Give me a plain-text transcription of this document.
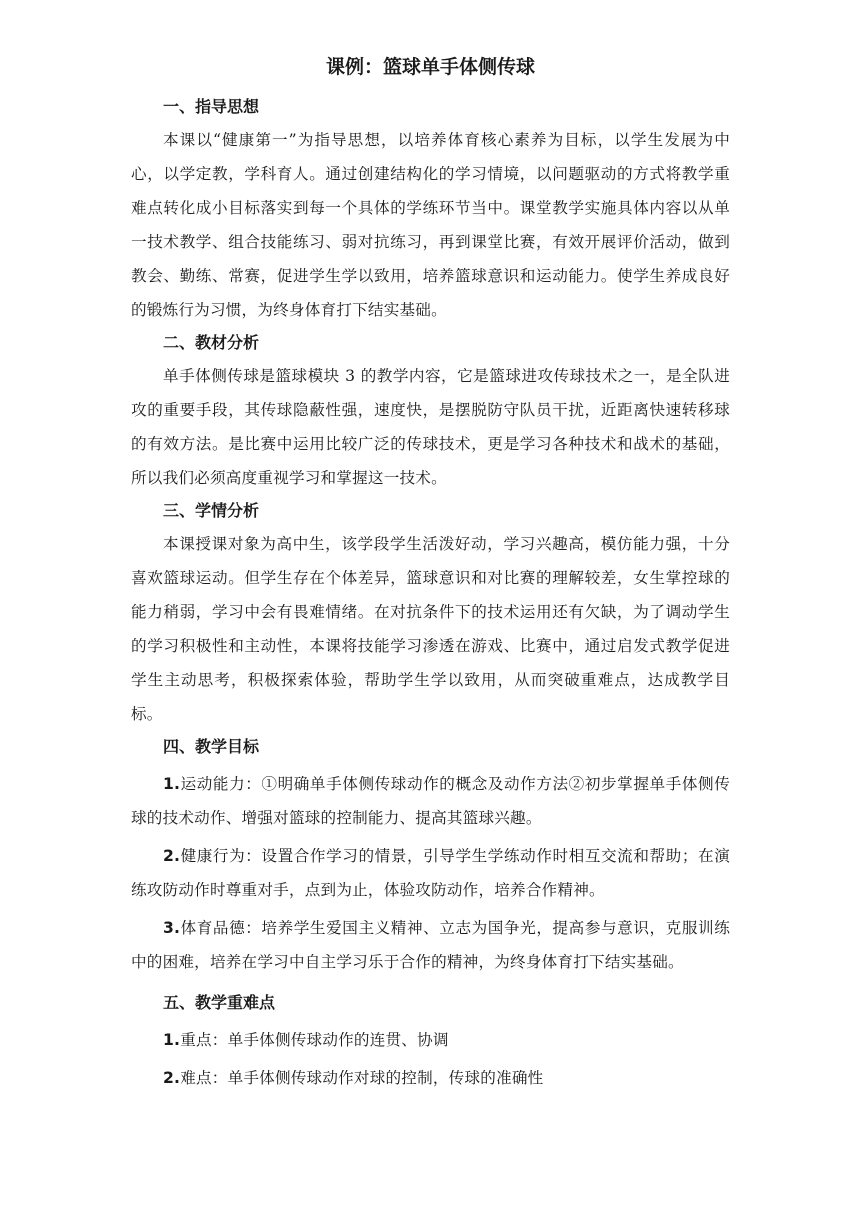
课例：篮球单手体侧传球
一、指导思想

本课以“健康第一”为指导思想，以培养体育核心素养为目标，以学生发展为中心，以学定教，学科育人。通过创建结构化的学习情境，以问题驱动的方式将教学重难点转化成小目标落实到每一个具体的学练环节当中。课堂教学实施具体内容以从单一技术教学、组合技能练习、弱对抗练习，再到课堂比赛，有效开展评价活动，做到教会、勤练、常赛，促进学生学以致用，培养篮球意识和运动能力。使学生养成良好的锻炼行为习惯，为终身体育打下结实基础。

二、教材分析

单手体侧传球是篮球模块 3 的教学内容，它是篮球进攻传球技术之一，是全队进攻的重要手段，其传球隐蔽性强，速度快，是摆脱防守队员干扰，近距离快速转移球的有效方法。是比赛中运用比较广泛的传球技术，更是学习各种技术和战术的基础，所以我们必须高度重视学习和掌握这一技术。

三、学情分析

本课授课对象为高中生，该学段学生活泼好动，学习兴趣高，模仿能力强，十分喜欢篮球运动。但学生存在个体差异，篮球意识和对比赛的理解较差，女生掌控球的能力稍弱，学习中会有畏难情绪。在对抗条件下的技术运用还有欠缺，为了调动学生的学习积极性和主动性，本课将技能学习渗透在游戏、比赛中，通过启发式教学促进学生主动思考，积极探索体验，帮助学生学以致用，从而突破重难点，达成教学目标。

四、教学目标

1.运动能力：①明确单手体侧传球动作的概念及动作方法②初步掌握单手体侧传球的技术动作、增强对篮球的控制能力、提高其篮球兴趣。

2.健康行为：设置合作学习的情景，引导学生学练动作时相互交流和帮助；在演练攻防动作时尊重对手，点到为止，体验攻防动作，培养合作精神。

3.体育品德：培养学生爱国主义精神、立志为国争光，提高参与意识，克服训练中的困难，培养在学习中自主学习乐于合作的精神，为终身体育打下结实基础。

五、教学重难点

1.重点：单手体侧传球动作的连贯、协调

2.难点：单手体侧传球动作对球的控制，传球的准确性
